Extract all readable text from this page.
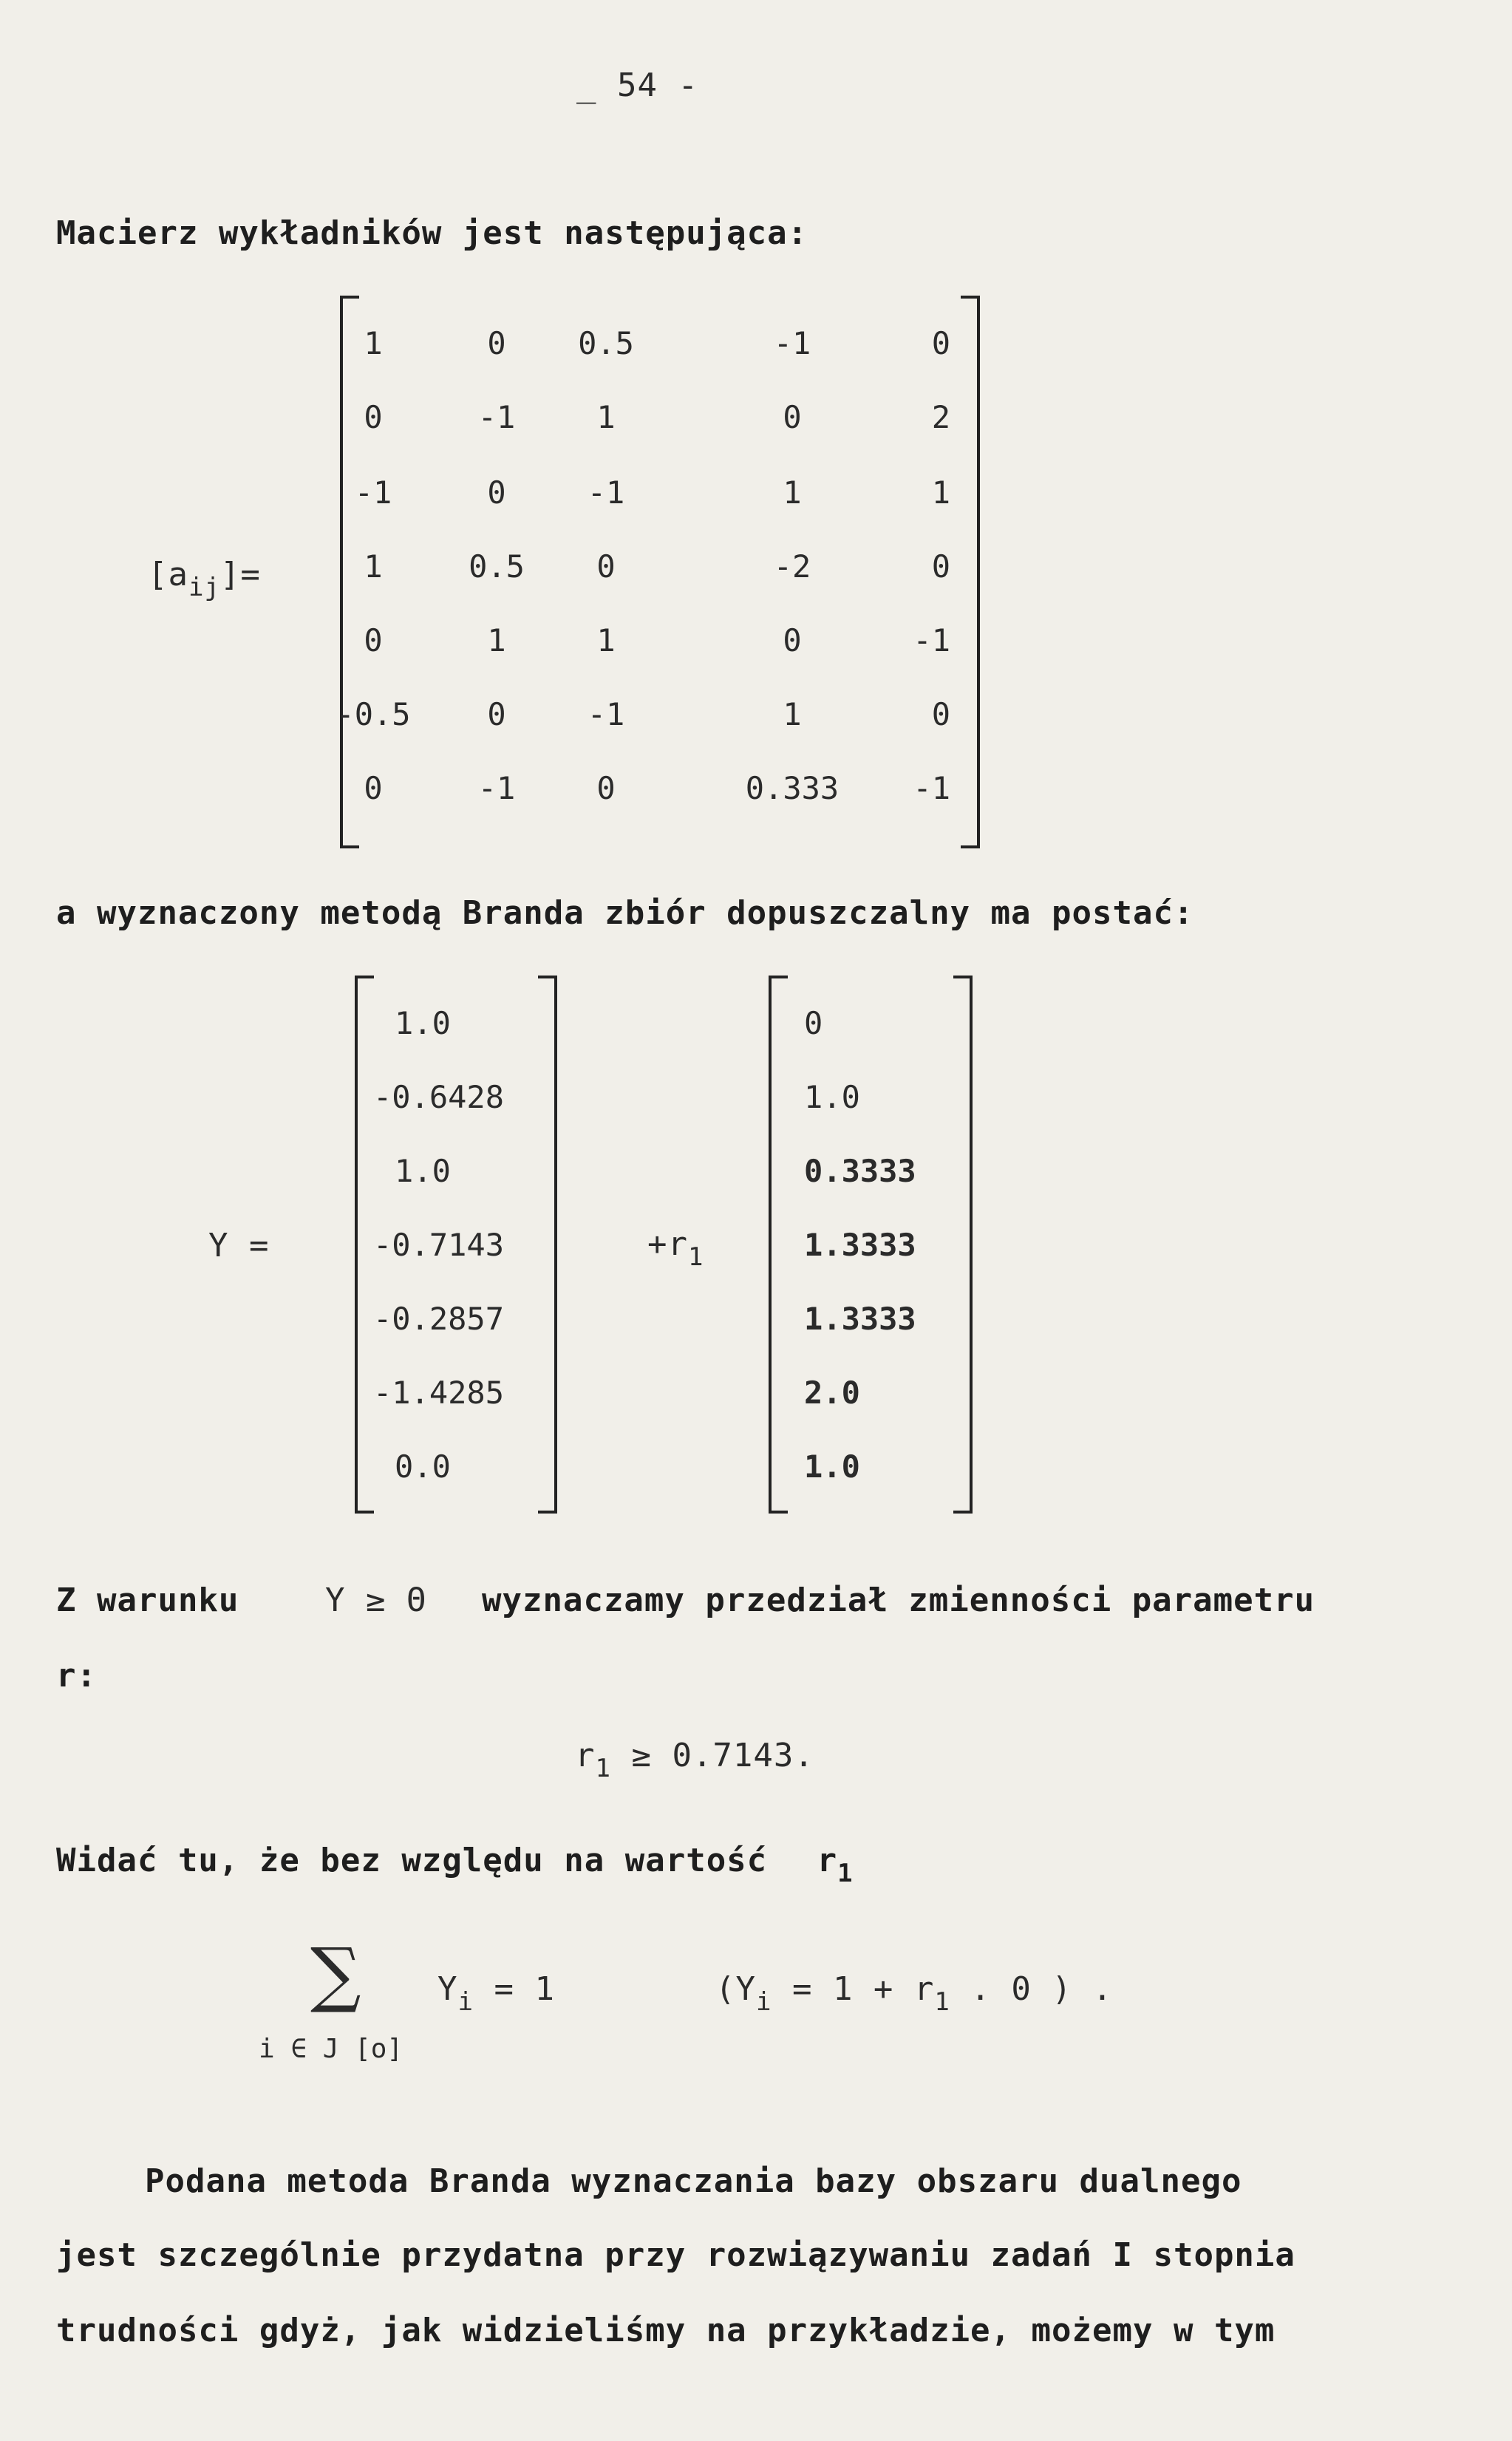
_ 54 -
Macierz wykładników jest następująca:
$[a_{ij}]=$
1	0	0.5	-1	0
0	-1	1	0	2
-1	0	-1	1	1
1	0.5	0	-2	0
0	1	1	0	-1
-0.5	0	-1	1	0
0	-1	0	0.333	-1
a wyznaczony metodą Branda zbiór dopuszczalny ma postać:
Y =
1.0
-0.6428
1.0
-0.7143
-0.2857
-1.4285
0.0
$+r_1$
0
1.0
0.3333
1.3333
1.3333
2.0
1.0
Z warunku	Y ≥ Θ wyznaczamy przedział zmienności parametru
r:
$r_1 \ge 0.7143$.
Widać tu, że bez względu na wartość $r_1$
∑
i ∈ J [o]
$Y_i = 1$	($Y_i = 1 + r_1$ . 0 ) .
Podana metoda Branda wyznaczania bazy obszaru dualnego
jest szczególnie przydatna przy rozwiązywaniu zadań I stopnia
trudności gdyż, jak widzieliśmy na przykładzie, możemy w tym
